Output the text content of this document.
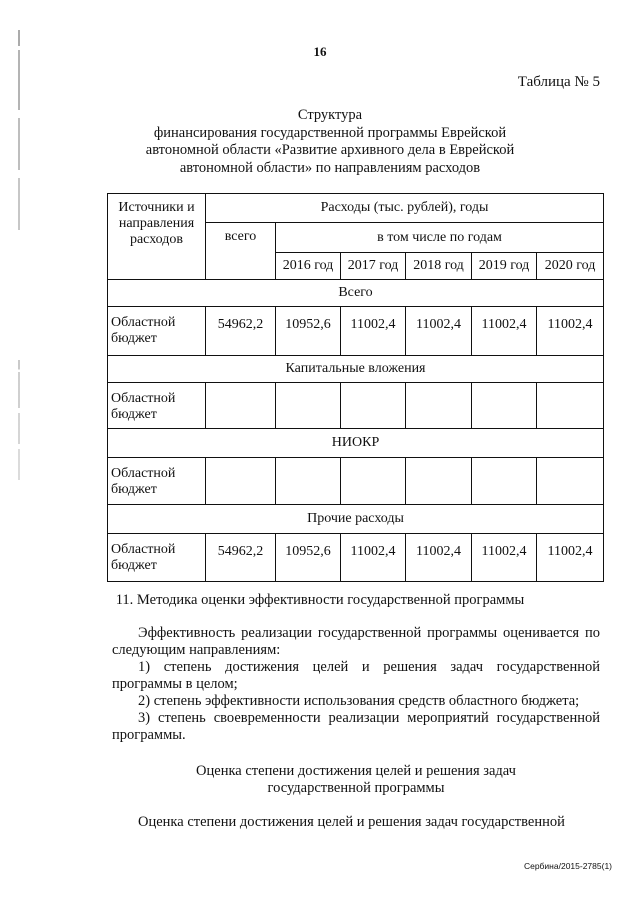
16
Таблица № 5
Структура
финансирования государственной программы Еврейской
автономной области «Развитие архивного дела в Еврейской
автономной области» по направлениям расходов
Источники и направления расходов	Расходы (тыс. рублей), годы					
	всего	в том числе по годам				
		2016 год	2017 год	2018 год	2019 год	2020 год
Всего						
Областной бюджет	54962,2	10952,6	11002,4	11002,4	11002,4	11002,4
Капитальные вложения						
Областной бюджет						
НИОКР						
Областной бюджет						
Прочие расходы						
Областной бюджет	54962,2	10952,6	11002,4	11002,4	11002,4	11002,4
11. Методика оценки эффективности государственной программы
Эффективность реализации государственной программы оценивается по следующим направлениям:
1) степень достижения целей и решения задач государственной программы в целом;
2) степень эффективности использования средств областного бюджета;
3) степень своевременности реализации мероприятий государственной программы.
Оценка степени достижения целей и решения задач
государственной программы
Оценка степени достижения целей и решения задач государственной
Сербина/2015-2785(1)
